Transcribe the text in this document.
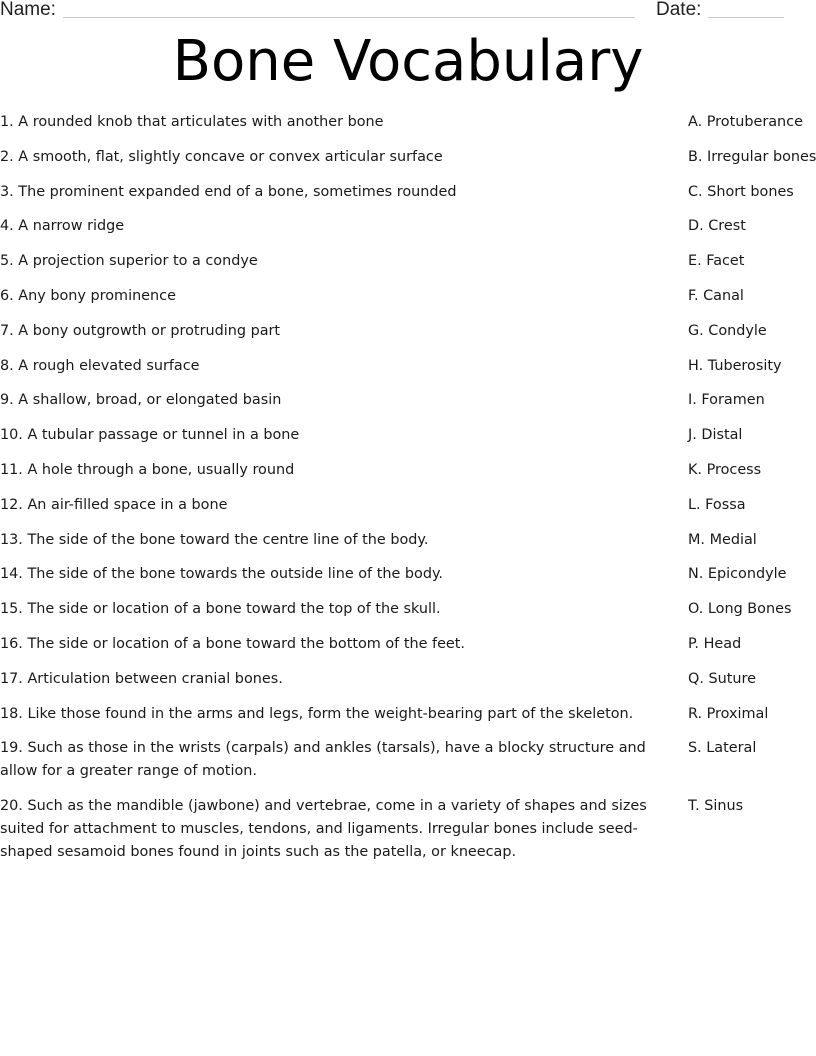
Name:	Date:
Bone Vocabulary

1. A rounded knob that articulates with another bone

2. A smooth, flat, slightly concave or convex articular surface

3. The prominent expanded end of a bone, sometimes rounded

4. A narrow ridge

5. A projection superior to a condye

6. Any bony prominence

7. A bony outgrowth or protruding part

8. A rough elevated surface

9. A shallow, broad, or elongated basin

10. A tubular passage or tunnel in a bone

11. A hole through a bone, usually round

12. An air-filled space in a bone

13. The side of the bone toward the centre line of the body.

14. The side of the bone towards the outside line of the body.

15. The side or location of a bone toward the top of the skull.

16. The side or location of a bone toward the bottom of the feet.

17. Articulation between cranial bones.

18. Like those found in the arms and legs, form the weight-bearing part of the skeleton.

19. Such as those in the wrists (carpals) and ankles (tarsals), have a blocky structure and allow for a greater range of motion.

20. Such as the mandible (jawbone) and vertebrae, come in a variety of shapes and sizes suited for attachment to muscles, tendons, and ligaments. Irregular bones include seed-shaped sesamoid bones found in joints such as the patella, or kneecap.

A. Protuberance

B. Irregular bones

C. Short bones

D. Crest

E. Facet

F. Canal

G. Condyle

H. Tuberosity

I. Foramen

J. Distal

K. Process

L. Fossa

M. Medial

N. Epicondyle

O. Long Bones

P. Head

Q. Suture

R. Proximal

S. Lateral

T. Sinus
